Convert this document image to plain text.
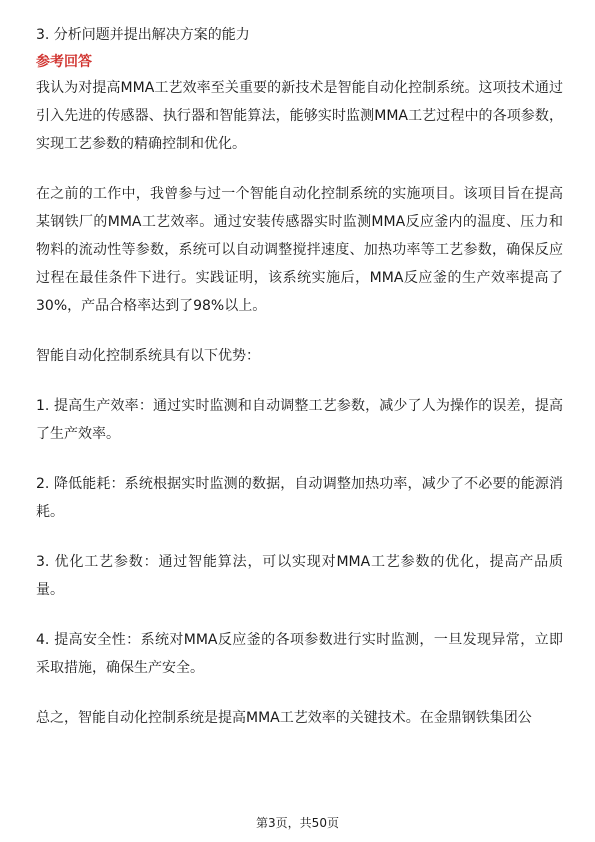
3. 分析问题并提出解决方案的能力

参考回答

我认为对提高MMA工艺效率至关重要的新技术是智能自动化控制系统。这项技术通过引入先进的传感器、执行器和智能算法，能够实时监测MMA工艺过程中的各项参数，实现工艺参数的精确控制和优化。

在之前的工作中，我曾参与过一个智能自动化控制系统的实施项目。该项目旨在提高某钢铁厂的MMA工艺效率。通过安装传感器实时监测MMA反应釜内的温度、压力和物料的流动性等参数，系统可以自动调整搅拌速度、加热功率等工艺参数，确保反应过程在最佳条件下进行。实践证明，该系统实施后，MMA反应釜的生产效率提高了30%，产品合格率达到了98%以上。

智能自动化控制系统具有以下优势：

1. 提高生产效率：通过实时监测和自动调整工艺参数，减少了人为操作的误差，提高了生产效率。

2. 降低能耗：系统根据实时监测的数据，自动调整加热功率，减少了不必要的能源消耗。

3. 优化工艺参数：通过智能算法，可以实现对MMA工艺参数的优化，提高产品质量。

4. 提高安全性：系统对MMA反应釜的各项参数进行实时监测，一旦发现异常，立即采取措施，确保生产安全。

总之，智能自动化控制系统是提高MMA工艺效率的关键技术。在金鼎钢铁集团公

第3页，共50页
